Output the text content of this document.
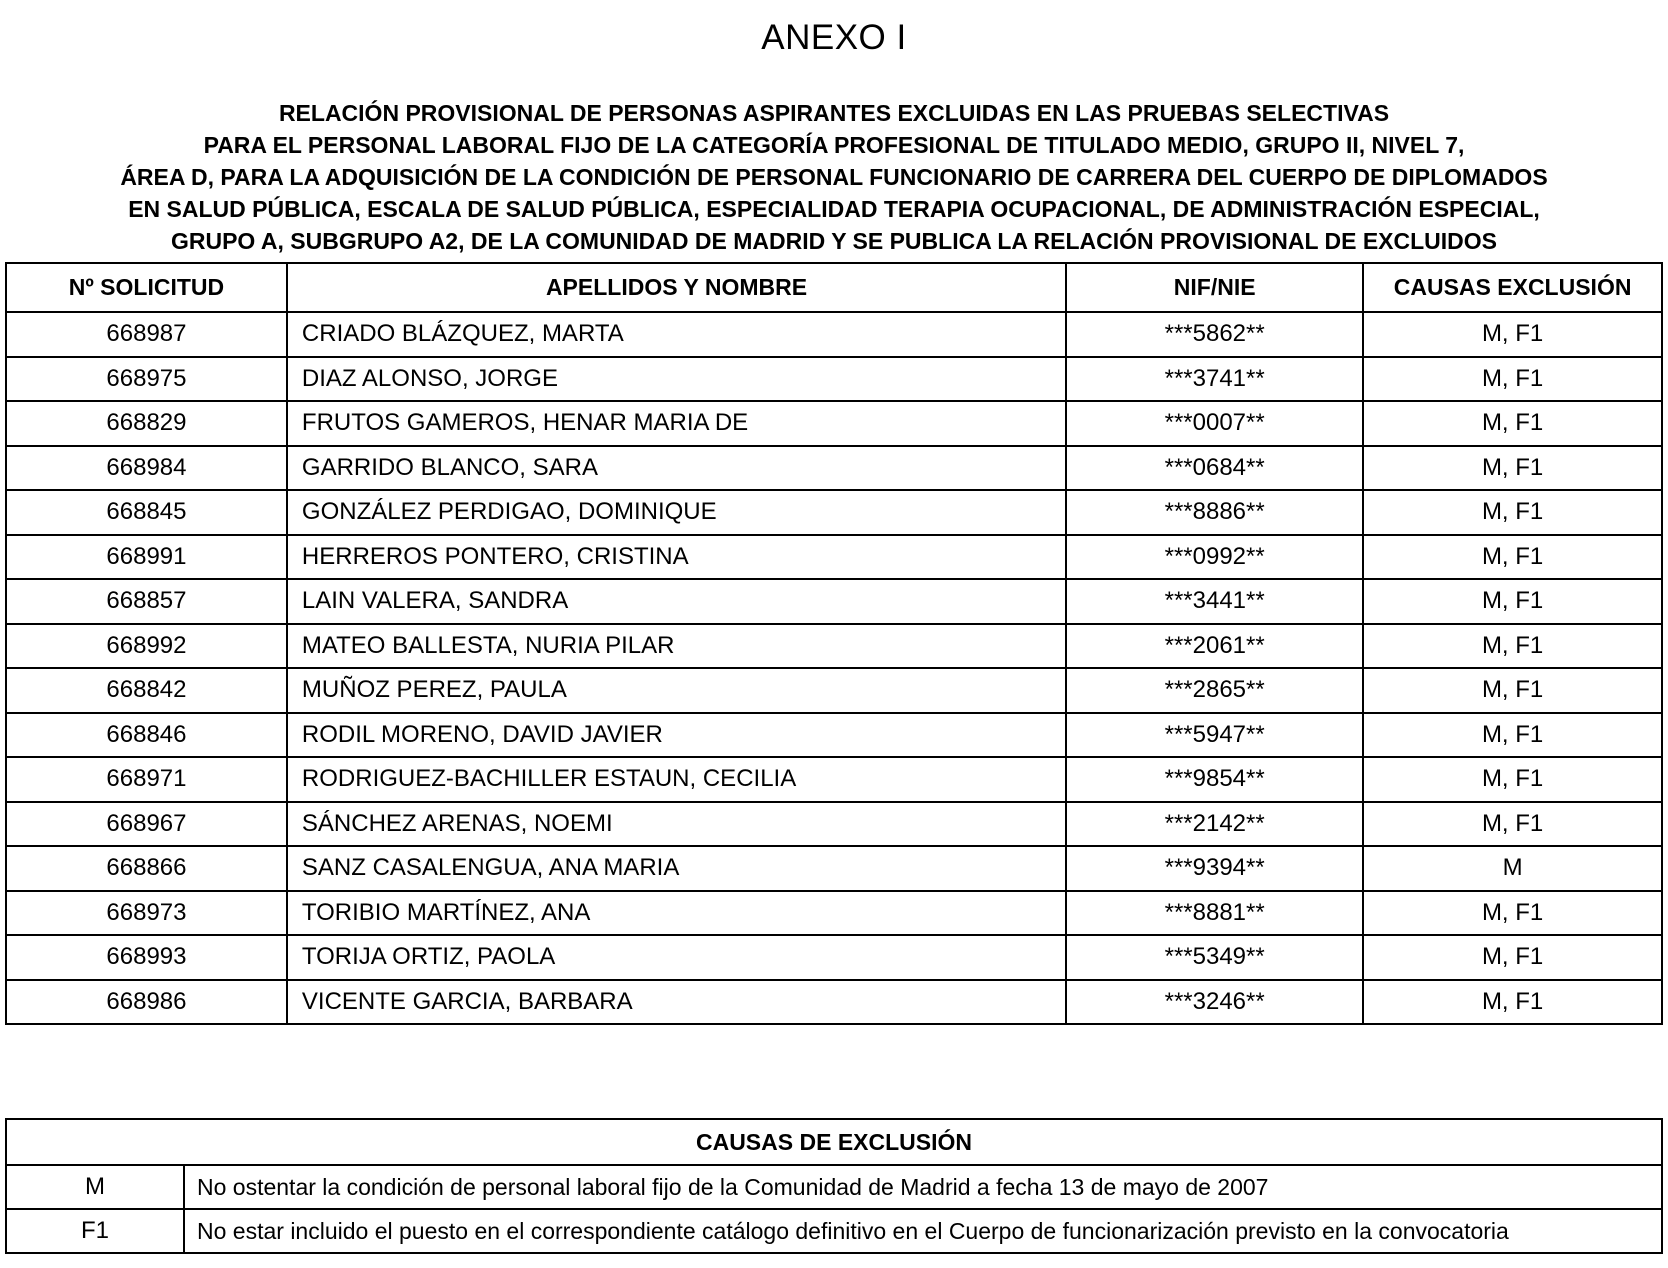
ANEXO I
RELACIÓN PROVISIONAL DE PERSONAS ASPIRANTES EXCLUIDAS EN LAS PRUEBAS SELECTIVAS
PARA EL PERSONAL LABORAL FIJO DE LA CATEGORÍA PROFESIONAL DE TITULADO MEDIO, GRUPO II, NIVEL 7,
ÁREA D, PARA LA ADQUISICIÓN DE LA CONDICIÓN DE PERSONAL FUNCIONARIO DE CARRERA DEL CUERPO DE DIPLOMADOS
EN SALUD PÚBLICA, ESCALA DE SALUD PÚBLICA, ESPECIALIDAD TERAPIA OCUPACIONAL, DE ADMINISTRACIÓN ESPECIAL,
GRUPO A, SUBGRUPO A2, DE LA COMUNIDAD DE MADRID Y SE PUBLICA LA RELACIÓN PROVISIONAL DE EXCLUIDOS
Nº SOLICITUD	APELLIDOS Y NOMBRE	NIF/NIE	CAUSAS EXCLUSIÓN
668987	CRIADO BLÁZQUEZ, MARTA	***5862**	M, F1
668975	DIAZ ALONSO, JORGE	***3741**	M, F1
668829	FRUTOS GAMEROS, HENAR MARIA DE	***0007**	M, F1
668984	GARRIDO BLANCO, SARA	***0684**	M, F1
668845	GONZÁLEZ PERDIGAO, DOMINIQUE	***8886**	M, F1
668991	HERREROS PONTERO, CRISTINA	***0992**	M, F1
668857	LAIN VALERA, SANDRA	***3441**	M, F1
668992	MATEO BALLESTA, NURIA PILAR	***2061**	M, F1
668842	MUÑOZ PEREZ, PAULA	***2865**	M, F1
668846	RODIL MORENO, DAVID JAVIER	***5947**	M, F1
668971	RODRIGUEZ-BACHILLER ESTAUN, CECILIA	***9854**	M, F1
668967	SÁNCHEZ ARENAS, NOEMI	***2142**	M, F1
668866	SANZ CASALENGUA, ANA MARIA	***9394**	M
668973	TORIBIO MARTÍNEZ, ANA	***8881**	M, F1
668993	TORIJA ORTIZ, PAOLA	***5349**	M, F1
668986	VICENTE GARCIA, BARBARA	***3246**	M, F1
CAUSAS DE EXCLUSIÓN	
M	No ostentar la condición de personal laboral fijo de la Comunidad de Madrid a fecha 13 de mayo de 2007
F1	No estar incluido el puesto en el correspondiente catálogo definitivo en el Cuerpo de funcionarización previsto en la convocatoria
